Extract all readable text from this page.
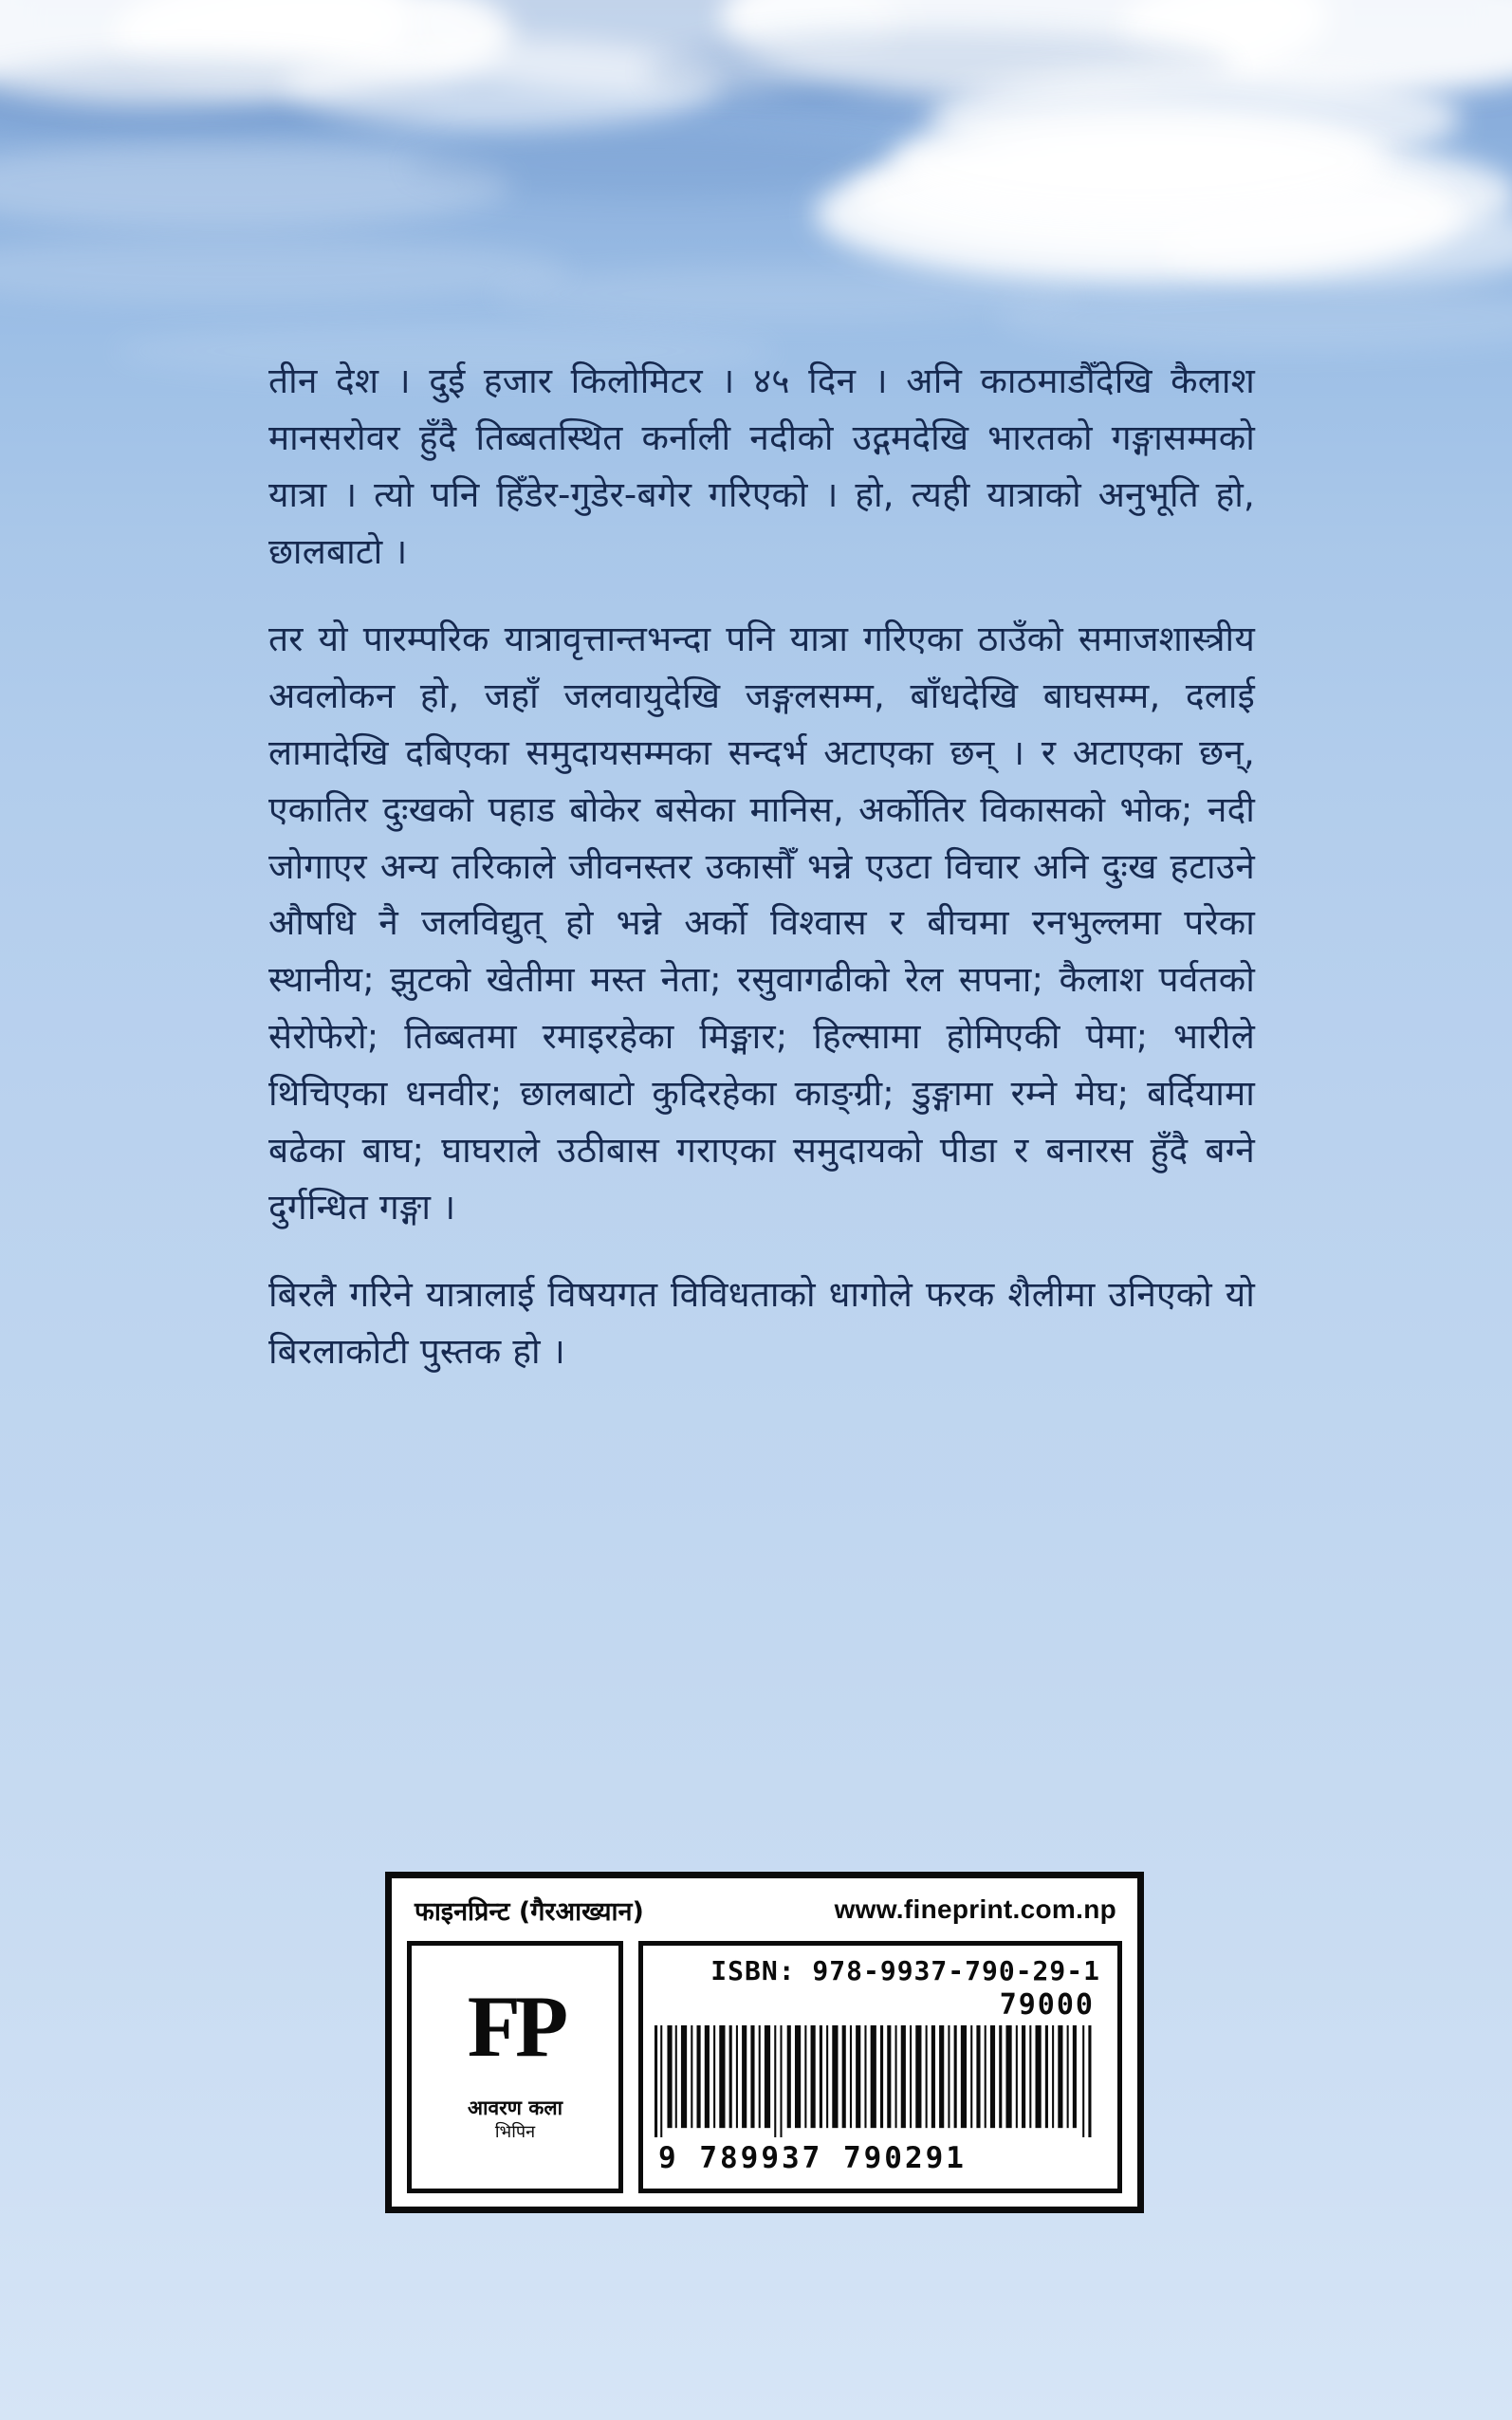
तीन देश । दुई हजार किलोमिटर । ४५ दिन । अनि काठमाडौँदेखि कैलाश मानसरोवर हुँदै तिब्बतस्थित कर्नाली नदीको उद्गमदेखि भारतको गङ्गासम्मको यात्रा । त्यो पनि हिँडेर-गुडेर-बगेर गरिएको । हो, त्यही यात्राको अनुभूति हो, छालबाटो ।

तर यो पारम्परिक यात्रावृत्तान्तभन्दा पनि यात्रा गरिएका ठाउँको समाजशास्त्रीय अवलोकन हो, जहाँ जलवायुदेखि जङ्गलसम्म, बाँधदेखि बाघसम्म, दलाई लामादेखि दबिएका समुदायसम्मका सन्दर्भ अटाएका छन् । र अटाएका छन्, एकातिर दुःखको पहाड बोकेर बसेका मानिस, अर्कोतिर विकासको भोक; नदी जोगाएर अन्य तरिकाले जीवनस्तर उकासौँ भन्ने एउटा विचार अनि दुःख हटाउने औषधि नै जलविद्युत् हो भन्ने अर्को विश्वास र बीचमा रनभुल्लमा परेका स्थानीय; झुटको खेतीमा मस्त नेता; रसुवागढीको रेल सपना; कैलाश पर्वतको सेरोफेरो; तिब्बतमा रमाइरहेका मिङ्मार; हिल्सामा होमिएकी पेमा; भारीले थिचिएका धनवीर; छालबाटो कुदिरहेका काङ्ग्री; डुङ्गामा रम्ने मेघ; बर्दियामा बढेका बाघ; घाघराले उठीबास गराएका समुदायको पीडा र बनारस हुँदै बग्ने दुर्गन्धित गङ्गा ।

बिरलै गरिने यात्रालाई विषयगत विविधताको धागोले फरक शैलीमा उनिएको यो बिरलाकोटी पुस्तक हो ।

फाइनप्रिन्ट (गैरआख्यान)	www.fineprint.com.np
FP
आवरण कला
भिपिन
ISBN: 978-9937-790-29-1
79000
9 789937 790291
